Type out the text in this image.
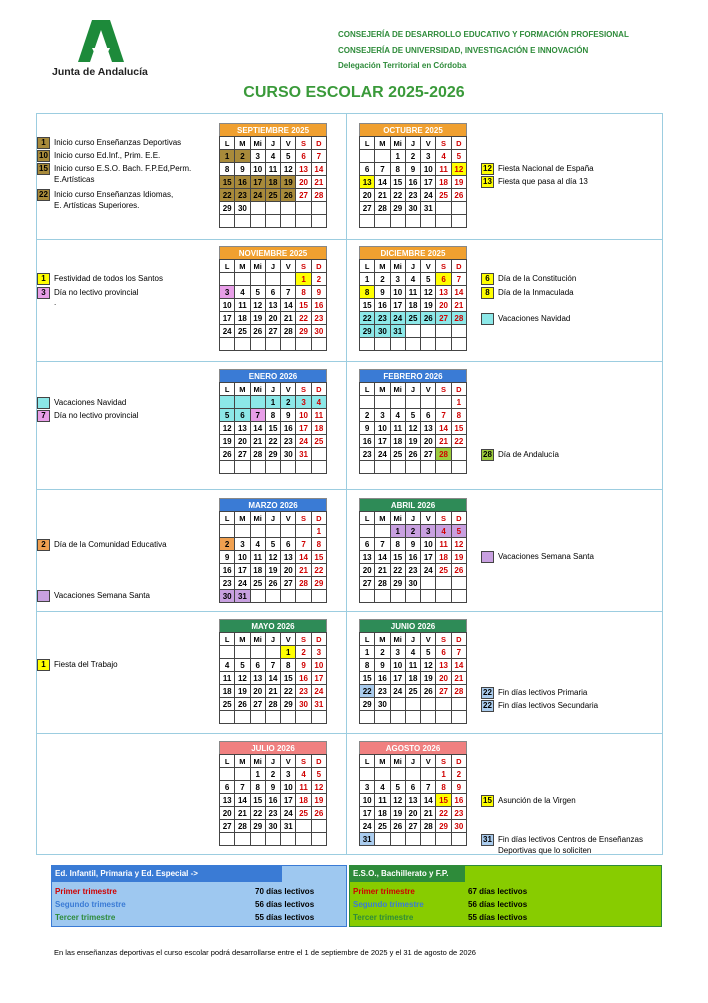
Junta de Andalucía
CONSEJERÍA DE DESARROLLO EDUCATIVO Y FORMACIÓN PROFESIONAL
CONSEJERÍA DE UNIVERSIDAD, INVESTIGACIÓN E INNOVACIÓN
Delegación Territorial en Córdoba
CURSO ESCOLAR 2025-2026
SEPTIEMBRE 2025
L	M	Mi	J	V	S	D
1	2	3	4	5	6	7
8	9	10	11	12	13	14
15	16	17	18	19	20	21
22	23	24	25	26	27	28
29	30					

OCTUBRE 2025
L	M	Mi	J	V	S	D
		1	2	3	4	5
6	7	8	9	10	11	12
13	14	15	16	17	18	19
20	21	22	23	24	25	26
27	28	29	30	31		

NOVIEMBRE 2025
L	M	Mi	J	V	S	D
					1	2
3	4	5	6	7	8	9
10	11	12	13	14	15	16
17	18	19	20	21	22	23
24	25	26	27	28	29	30

DICIEMBRE 2025
L	M	Mi	J	V	S	D
1	2	3	4	5	6	7
8	9	10	11	12	13	14
15	16	17	18	19	20	21
22	23	24	25	26	27	28
29	30	31				

ENERO 2026
L	M	Mi	J	V	S	D
			1	2	3	4
5	6	7	8	9	10	11
12	13	14	15	16	17	18
19	20	21	22	23	24	25
26	27	28	29	30	31	

FEBRERO 2026
L	M	Mi	J	V	S	D
						1
2	3	4	5	6	7	8
9	10	11	12	13	14	15
16	17	18	19	20	21	22
23	24	25	26	27	28	

MARZO 2026
L	M	Mi	J	V	S	D
						1
2	3	4	5	6	7	8
9	10	11	12	13	14	15
16	17	18	19	20	21	22
23	24	25	26	27	28	29
30	31					
ABRIL 2026
L	M	Mi	J	V	S	D
		1	2	3	4	5
6	7	8	9	10	11	12
13	14	15	16	17	18	19
20	21	22	23	24	25	26
27	28	29	30			

MAYO 2026
L	M	Mi	J	V	S	D
				1	2	3
4	5	6	7	8	9	10
11	12	13	14	15	16	17
18	19	20	21	22	23	24
25	26	27	28	29	30	31

JUNIO 2026
L	M	Mi	J	V	S	D
1	2	3	4	5	6	7
8	9	10	11	12	13	14
15	16	17	18	19	20	21
22	23	24	25	26	27	28
29	30					

JULIO 2026
L	M	Mi	J	V	S	D
		1	2	3	4	5
6	7	8	9	10	11	12
13	14	15	16	17	18	19
20	21	22	23	24	25	26
27	28	29	30	31		

AGOSTO 2026
L	M	Mi	J	V	S	D
					1	2
3	4	5	6	7	8	9
10	11	12	13	14	15	16
17	18	19	20	21	22	23
24	25	26	27	28	29	30
31						
1	Inicio curso Enseñanzas Deportivas
10 Inicio curso Ed.Inf., Prim. E.E.
15 Inicio curso E.S.O. Bach. F.P.Ed,Perm.
E.Artísticas
22 Inicio curso Enseñanzas Idiomas,
E. Artísticas Superiores.
12 Fiesta Nacional de España
13 Fiesta que pasa al día 13
1	Festividad de todos los Santos
3	Día no lectivo provincial
.
6	Día de la Constitución
8	Día de la Inmaculada
Vacaciones Navidad
Vacaciones Navidad
7	Día no lectivo provincial
28 Día de Andalucía
2	Día de la Comunidad Educativa
Vacaciones Semana Santa
Vacaciones Semana Santa
1	Fiesta del Trabajo
22 Fin días lectivos Primaria
22 Fin días lectivos Secundaria
15 Asunción de la Virgen
31 Fin días lectivos Centros de Enseñanzas
Deportivas que lo soliciten
Ed. Infantil, Primaria y Ed. Especial ->
Primer trimestre	70 días lectivos
Segundo trimestre	56 días lectivos
Tercer trimestre	55 días lectivos
E.S.O., Bachillerato y F.P.
Primer trimestre	67 días lectivos
Segundo trimestre	56 días lectivos
Tercer trimestre	55 días lectivos
En las enseñanzas deportivas el curso escolar podrá desarrollarse entre el 1 de septiembre de 2025 y el 31 de agosto de 2026
